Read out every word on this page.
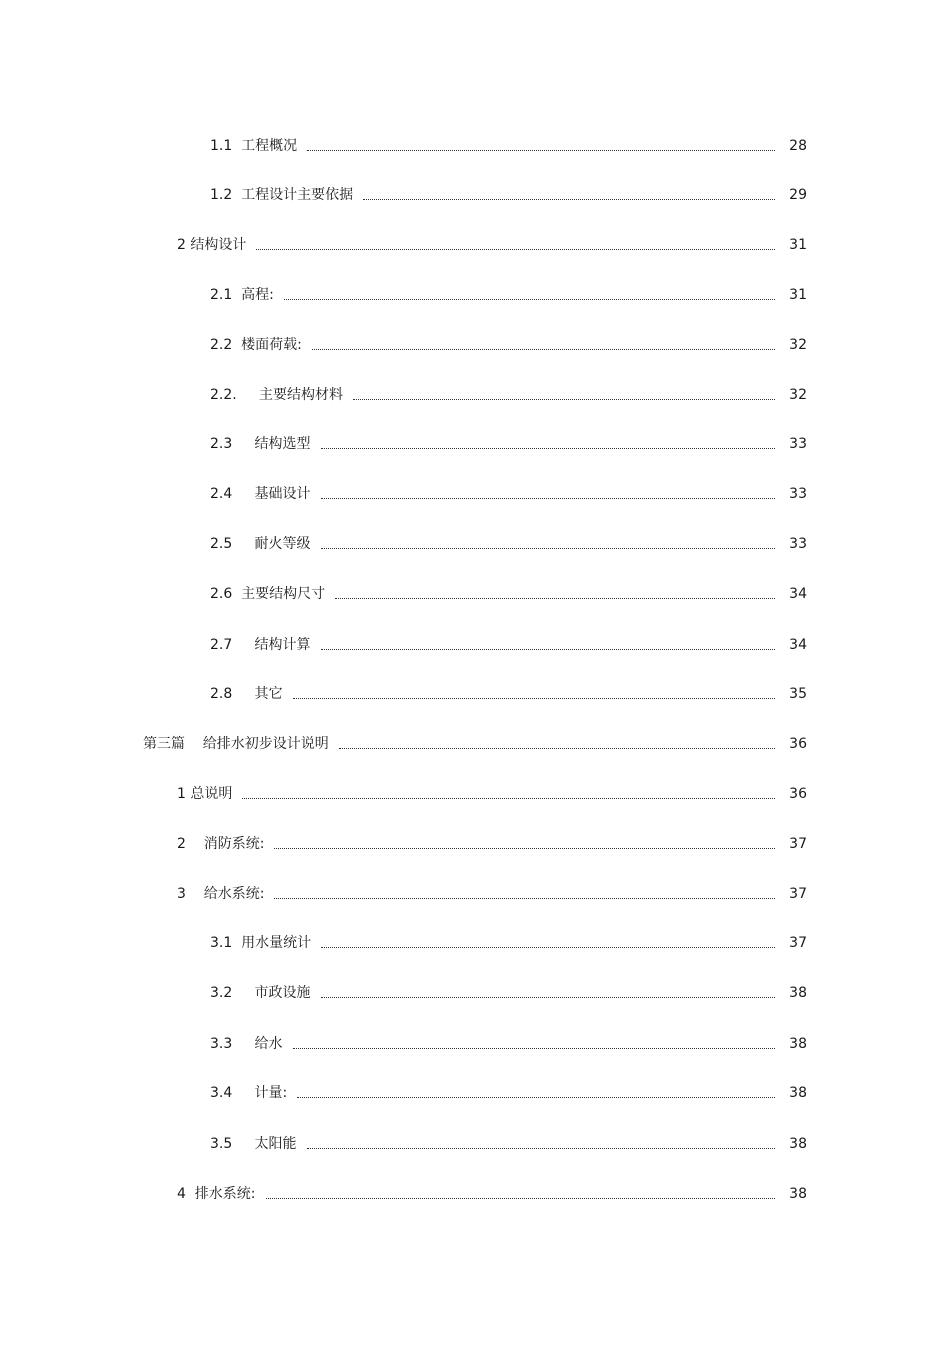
1.1  工程概况	28
1.2  工程设计主要依据	29
2 结构设计	31
2.1  高程:	31
2.2  楼面荷载:	32
2.2.     主要结构材料	32
2.3     结构选型	33
2.4     基础设计	33
2.5     耐火等级	33
2.6  主要结构尺寸	34
2.7     结构计算	34
2.8     其它	35
第三篇    给排水初步设计说明	36
1 总说明	36
2    消防系统:	37
3    给水系统:	37
3.1  用水量统计	37
3.2     市政设施	38
3.3     给水	38
3.4     计量:	38
3.5     太阳能	38
4  排水系统:	38
